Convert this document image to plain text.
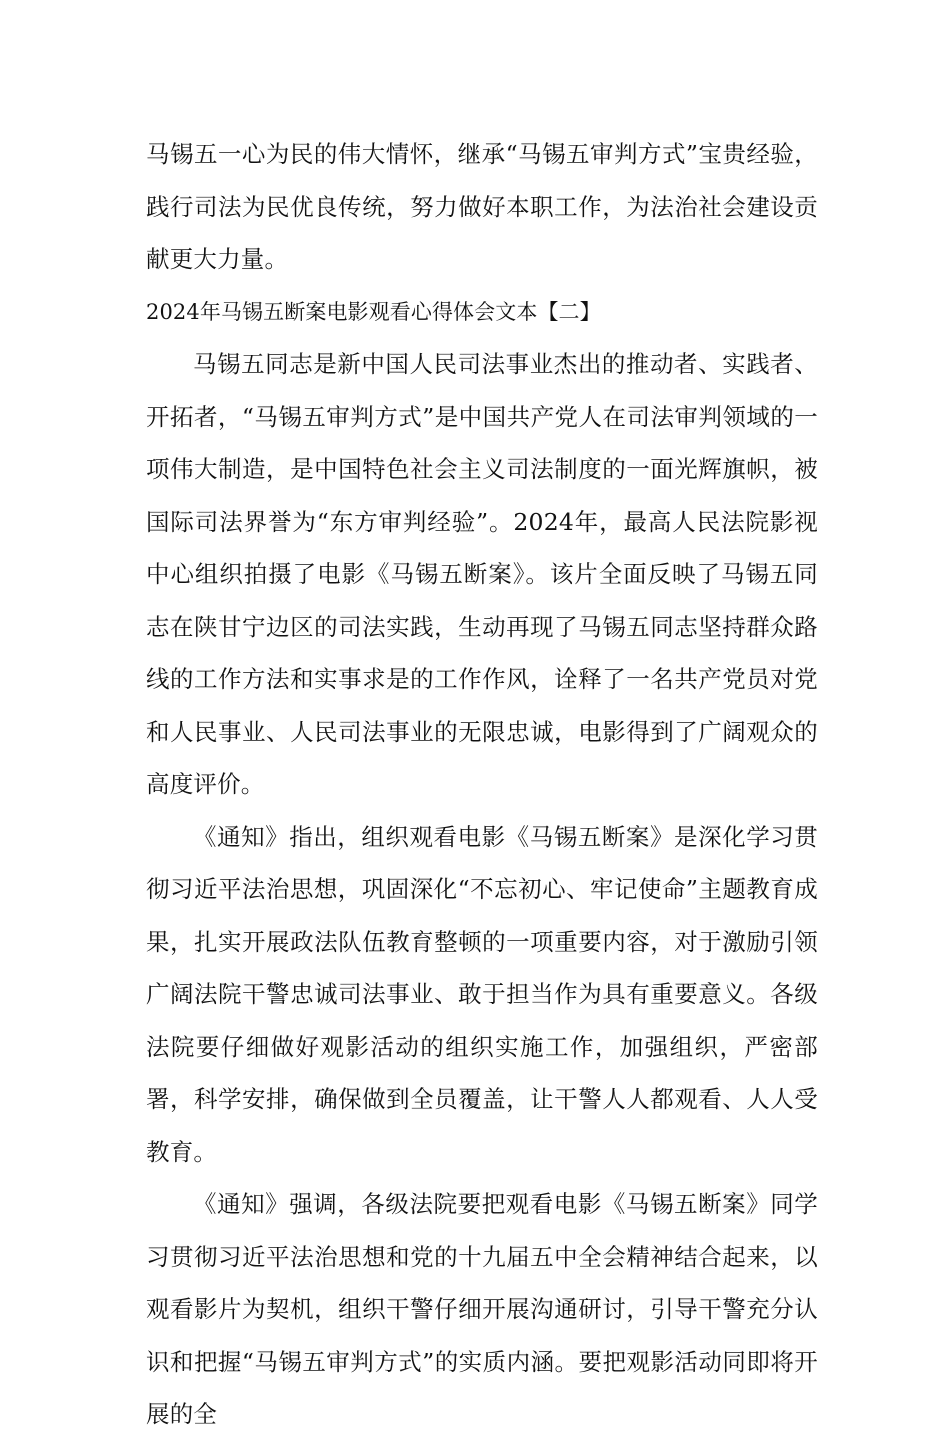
马锡五一心为民的伟大情怀，继承“马锡五审判方式”宝贵经验，践行司法为民优良传统，努力做好本职工作，为法治社会建设贡献更大力量。

2024年马锡五断案电影观看心得体会文本【二】

马锡五同志是新中国人民司法事业杰出的推动者、实践者、开拓者，“马锡五审判方式”是中国共产党人在司法审判领域的一项伟大制造，是中国特色社会主义司法制度的一面光辉旗帜，被国际司法界誉为“东方审判经验”。2024年，最高人民法院影视中心组织拍摄了电影《马锡五断案》。该片全面反映了马锡五同志在陕甘宁边区的司法实践，生动再现了马锡五同志坚持群众路线的工作方法和实事求是的工作作风，诠释了一名共产党员对党和人民事业、人民司法事业的无限忠诚，电影得到了广阔观众的高度评价。

《通知》指出，组织观看电影《马锡五断案》是深化学习贯彻习近平法治思想，巩固深化“不忘初心、牢记使命”主题教育成果，扎实开展政法队伍教育整顿的一项重要内容，对于激励引领广阔法院干警忠诚司法事业、敢于担当作为具有重要意义。各级法院要仔细做好观影活动的组织实施工作，加强组织，严密部署，科学安排，确保做到全员覆盖，让干警人人都观看、人人受教育。

《通知》强调，各级法院要把观看电影《马锡五断案》同学习贯彻习近平法治思想和党的十九届五中全会精神结合起来，以观看影片为契机，组织干警仔细开展沟通研讨，引导干警充分认识和把握“马锡五审判方式”的实质内涵。要把观影活动同即将开展的全
